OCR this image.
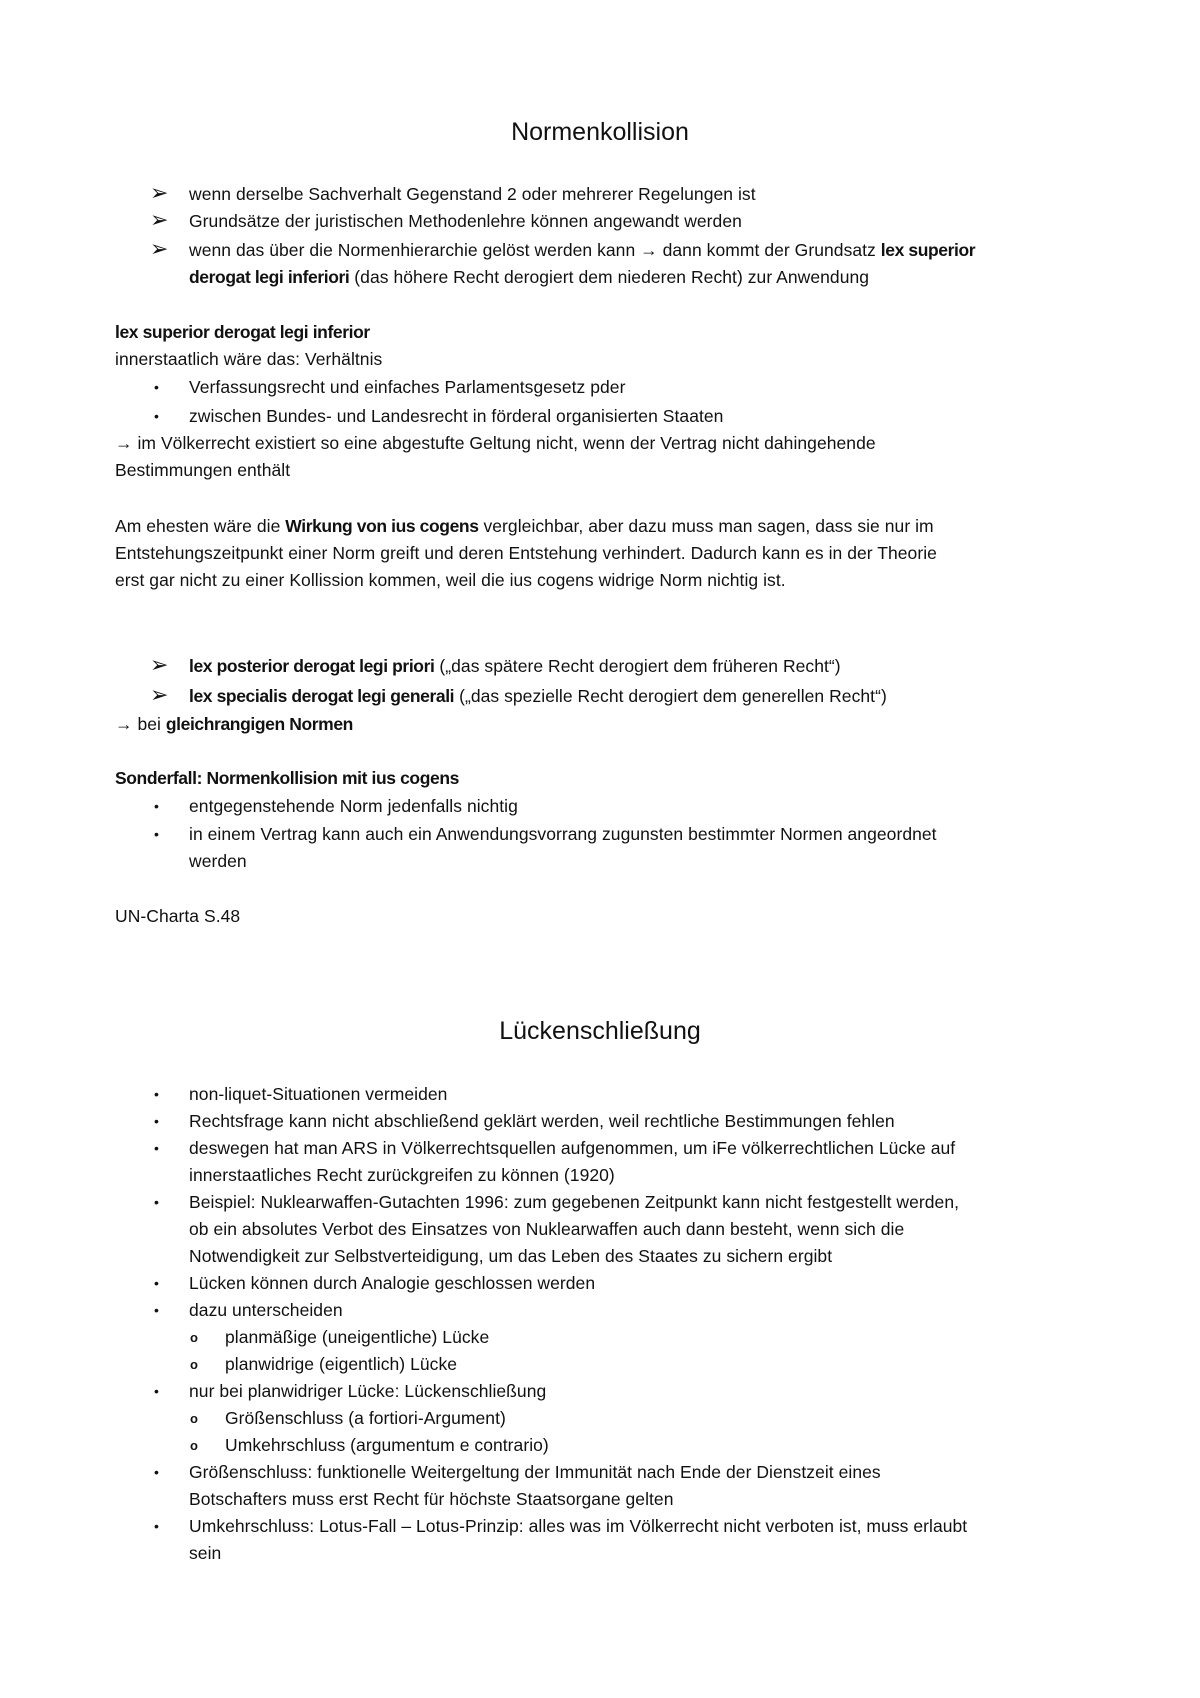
Normenkollision
➢ wenn derselbe Sachverhalt Gegenstand 2 oder mehrerer Regelungen ist
➢ Grundsätze der juristischen Methodenlehre können angewandt werden
➢ wenn das über die Normenhierarchie gelöst werden kann → dann kommt der Grundsatz lex superior
derogat legi inferiori (das höhere Recht derogiert dem niederen Recht) zur Anwendung
lex superior derogat legi inferior
innerstaatlich wäre das: Verhältnis
• Verfassungsrecht und einfaches Parlamentsgesetz pder
• zwischen Bundes- und Landesrecht in förderal organisierten Staaten
→ im Völkerrecht existiert so eine abgestufte Geltung nicht, wenn der Vertrag nicht dahingehende
Bestimmungen enthält
Am ehesten wäre die Wirkung von ius cogens vergleichbar, aber dazu muss man sagen, dass sie nur im
Entstehungszeitpunkt einer Norm greift und deren Entstehung verhindert. Dadurch kann es in der Theorie
erst gar nicht zu einer Kollission kommen, weil die ius cogens widrige Norm nichtig ist.
➢ lex posterior derogat legi priori („das spätere Recht derogiert dem früheren Recht“)
➢ lex specialis derogat legi generali („das spezielle Recht derogiert dem generellen Recht“)
→ bei gleichrangigen Normen
Sonderfall: Normenkollision mit ius cogens
• entgegenstehende Norm jedenfalls nichtig
• in einem Vertrag kann auch ein Anwendungsvorrang zugunsten bestimmter Normen angeordnet
werden
UN-Charta S.48
Lückenschließung
• non-liquet-Situationen vermeiden
• Rechtsfrage kann nicht abschließend geklärt werden, weil rechtliche Bestimmungen fehlen
• deswegen hat man ARS in Völkerrechtsquellen aufgenommen, um iFe völkerrechtlichen Lücke auf
innerstaatliches Recht zurückgreifen zu können (1920)
• Beispiel: Nuklearwaffen-Gutachten 1996: zum gegebenen Zeitpunkt kann nicht festgestellt werden,
ob ein absolutes Verbot des Einsatzes von Nuklearwaffen auch dann besteht, wenn sich die
Notwendigkeit zur Selbstverteidigung, um das Leben des Staates zu sichern ergibt
• Lücken können durch Analogie geschlossen werden
• dazu unterscheiden
o planmäßige (uneigentliche) Lücke
o planwidrige (eigentlich) Lücke
• nur bei planwidriger Lücke: Lückenschließung
o Größenschluss (a fortiori-Argument)
o Umkehrschluss (argumentum e contrario)
• Größenschluss: funktionelle Weitergeltung der Immunität nach Ende der Dienstzeit eines
Botschafters muss erst Recht für höchste Staatsorgane gelten
• Umkehrschluss: Lotus-Fall – Lotus-Prinzip: alles was im Völkerrecht nicht verboten ist, muss erlaubt
sein
